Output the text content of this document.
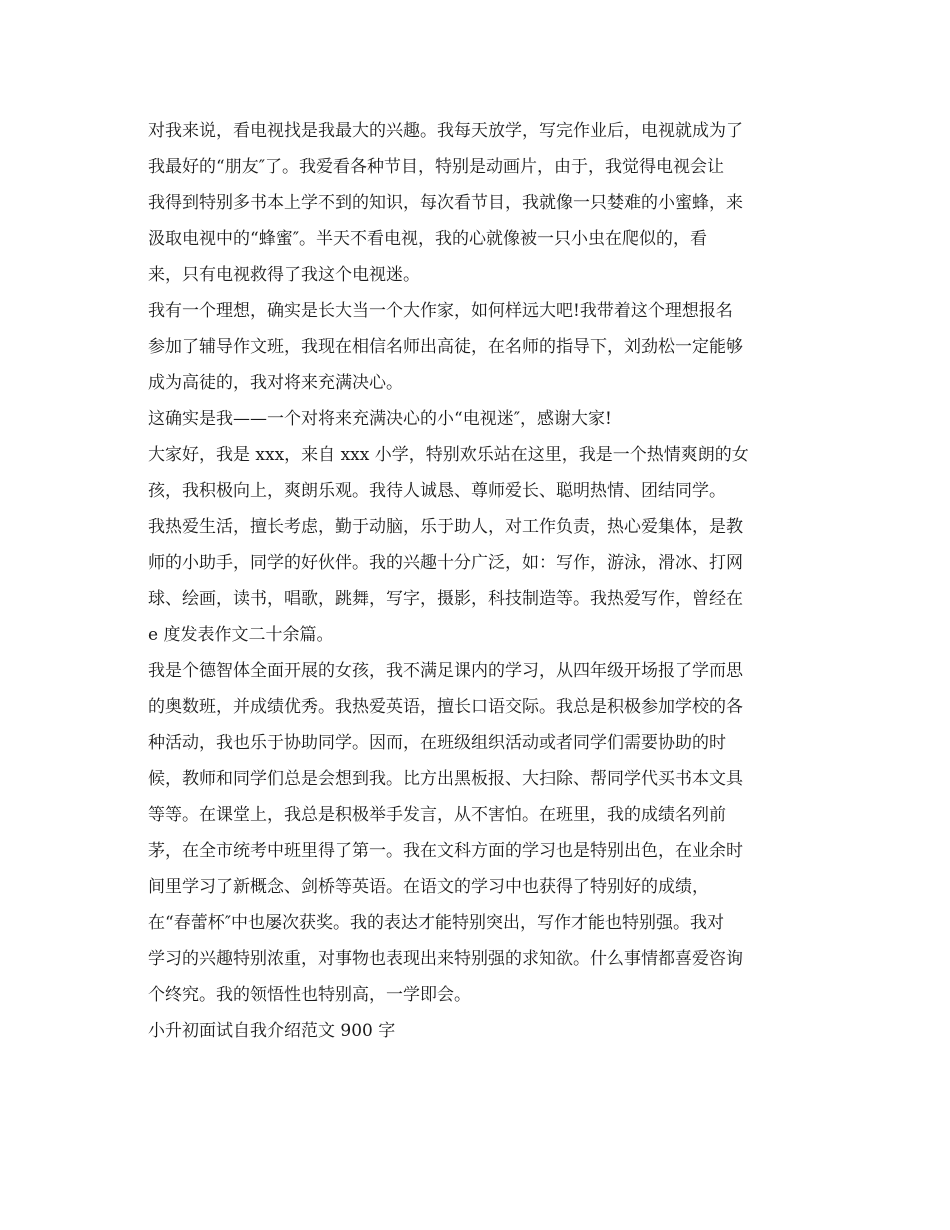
对我来说，看电视找是我最大的兴趣。我每天放学，写完作业后，电视就成为了
我最好的“朋友″了。我爱看各种节目，特别是动画片，由于，我觉得电视会让
我得到特别多书本上学不到的知识，每次看节目，我就像一只婪难的小蜜蜂，来
汲取电视中的“蜂蜜″。半天不看电视，我的心就像被一只小虫在爬似的，看
来，只有电视救得了我这个电视迷。

我有一个理想，确实是长大当一个大作家，如何样远大吧!我带着这个理想报名
参加了辅导作文班，我现在相信名师出高徒，在名师的指导下，刘劲松一定能够
成为高徒的，我对将来充满决心。

这确实是我——一个对将来充满决心的小“电视迷″，感谢大家!

大家好，我是 xxx，来自 xxx 小学，特别欢乐站在这里，我是一个热情爽朗的女
孩，我积极向上，爽朗乐观。我待人诚恳、尊师爱长、聪明热情、团结同学。

我热爱生活，擅长考虑，勤于动脑，乐于助人，对工作负责，热心爱集体，是教
师的小助手，同学的好伙伴。我的兴趣十分广泛，如：写作，游泳，滑冰、打网
球、绘画，读书，唱歌，跳舞，写字，摄影，科技制造等。我热爱写作，曾经在
e 度发表作文二十余篇。

我是个德智体全面开展的女孩，我不满足课内的学习，从四年级开场报了学而思
的奥数班，并成绩优秀。我热爱英语，擅长口语交际。我总是积极参加学校的各
种活动，我也乐于协助同学。因而，在班级组织活动或者同学们需要协助的时
候，教师和同学们总是会想到我。比方出黑板报、大扫除、帮同学代买书本文具
等等。在课堂上，我总是积极举手发言，从不害怕。在班里，我的成绩名列前
茅，在全市统考中班里得了第一。我在文科方面的学习也是特别出色，在业余时
间里学习了新概念、剑桥等英语。在语文的学习中也获得了特别好的成绩，
在“春蕾杯″中也屡次获奖。我的表达才能特别突出，写作才能也特别强。我对
学习的兴趣特别浓重，对事物也表现出来特别强的求知欲。什么事情都喜爱咨询
个终究。我的领悟性也特别高，一学即会。

小升初面试自我介绍范文 900 字
